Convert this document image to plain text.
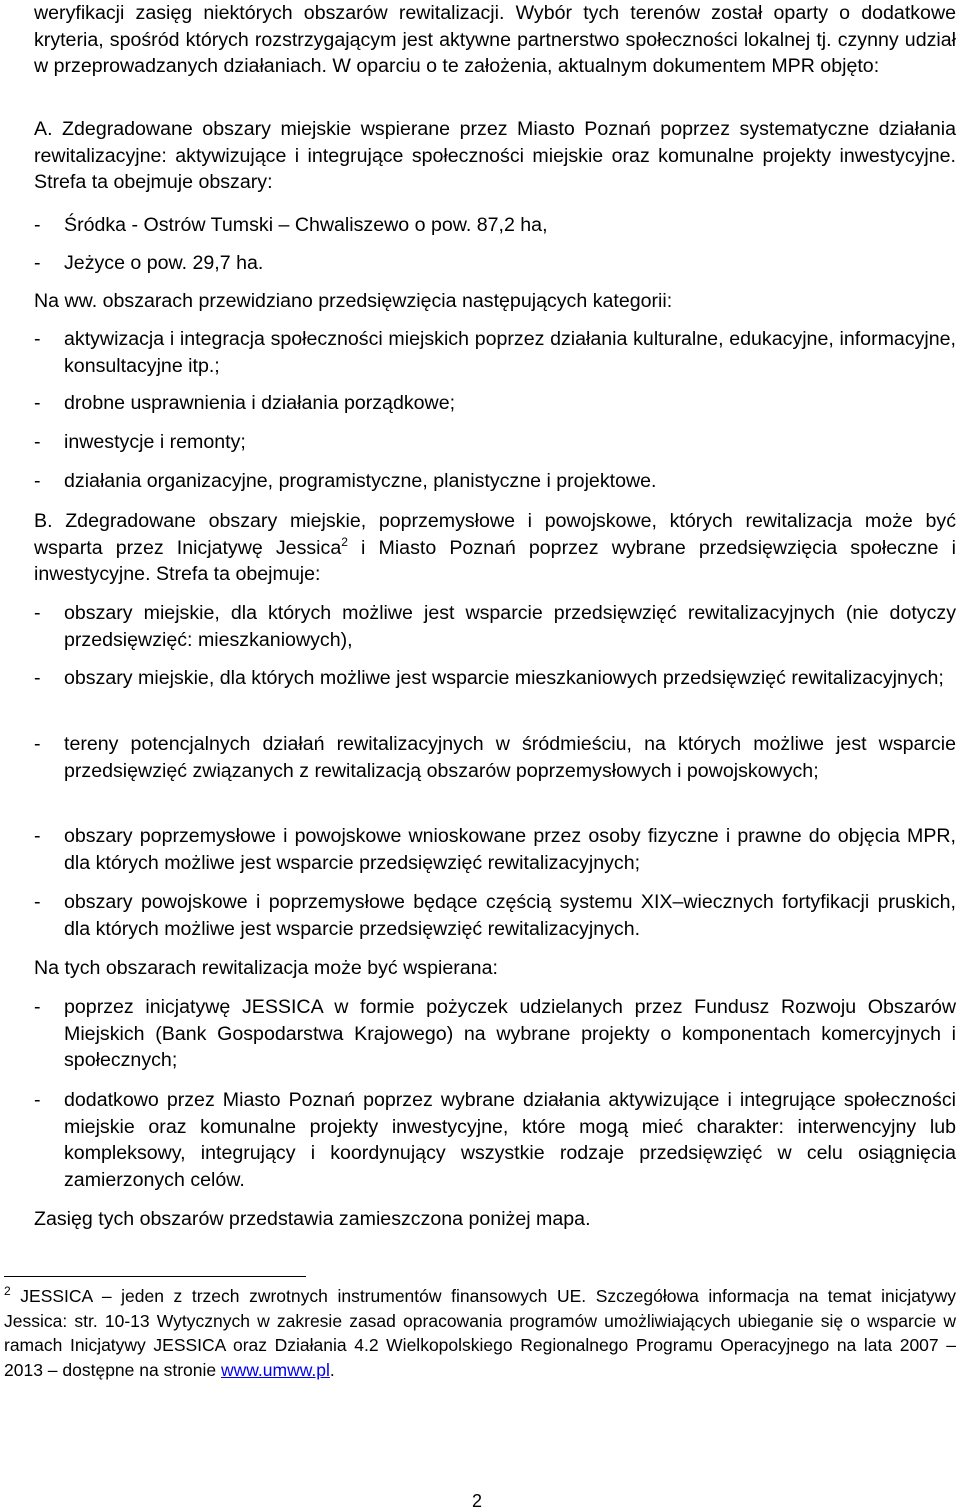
weryfikacji zasięg niektórych obszarów rewitalizacji. Wybór tych terenów został oparty o dodatkowe kryteria, spośród których rozstrzygającym jest aktywne partnerstwo społeczności lokalnej tj. czynny udział w przeprowadzanych działaniach. W oparciu o te założenia, aktualnym dokumentem MPR objęto:
A. Zdegradowane obszary miejskie wspierane przez Miasto Poznań poprzez systematyczne działania rewitalizacyjne: aktywizujące i integrujące społeczności miejskie oraz komunalne projekty inwestycyjne. Strefa ta obejmuje obszary:
- Śródka - Ostrów Tumski – Chwaliszewo o pow. 87,2 ha,
- Jeżyce o pow. 29,7 ha.
Na ww. obszarach przewidziano przedsięwzięcia następujących kategorii:
- aktywizacja i integracja społeczności miejskich poprzez działania kulturalne, edukacyjne, informacyjne, konsultacyjne itp.;
- drobne usprawnienia i działania porządkowe;
- inwestycje i remonty;
- działania organizacyjne, programistyczne, planistyczne i projektowe.
B. Zdegradowane obszary miejskie, poprzemysłowe i powojskowe, których rewitalizacja może być wsparta przez Inicjatywę Jessica$^2$ i Miasto Poznań poprzez wybrane przedsięwzięcia społeczne i inwestycyjne. Strefa ta obejmuje:
- obszary miejskie, dla których możliwe jest wsparcie przedsięwzięć rewitalizacyjnych (nie dotyczy przedsięwzięć: mieszkaniowych),
- obszary miejskie, dla których możliwe jest wsparcie mieszkaniowych przedsięwzięć rewitalizacyjnych;
- tereny potencjalnych działań rewitalizacyjnych w śródmieściu, na których możliwe jest wsparcie przedsięwzięć związanych z rewitalizacją obszarów poprzemysłowych i powojskowych;
- obszary poprzemysłowe i powojskowe wnioskowane przez osoby fizyczne i prawne do objęcia MPR, dla których możliwe jest wsparcie przedsięwzięć rewitalizacyjnych;
- obszary powojskowe i poprzemysłowe będące częścią systemu XIX–wiecznych fortyfikacji pruskich, dla których możliwe jest wsparcie przedsięwzięć rewitalizacyjnych.
Na tych obszarach rewitalizacja może być wspierana:
- poprzez inicjatywę JESSICA w formie pożyczek udzielanych przez Fundusz Rozwoju Obszarów Miejskich (Bank Gospodarstwa Krajowego) na wybrane projekty o komponentach komercyjnych i społecznych;
- dodatkowo przez Miasto Poznań poprzez wybrane działania aktywizujące i integrujące społeczności miejskie oraz komunalne projekty inwestycyjne, które mogą mieć charakter: interwencyjny lub kompleksowy, integrujący i koordynujący wszystkie rodzaje przedsięwzięć w celu osiągnięcia zamierzonych celów.
Zasięg tych obszarów przedstawia zamieszczona poniżej mapa.
$^2$ JESSICA – jeden z trzech zwrotnych instrumentów finansowych UE. Szczegółowa informacja na temat inicjatywy Jessica: str. 10-13 Wytycznych w zakresie zasad opracowania programów umożliwiających ubieganie się o wsparcie w ramach Inicjatywy JESSICA oraz Działania 4.2 Wielkopolskiego Regionalnego Programu Operacyjnego na lata 2007 – 2013 – dostępne na stronie www.umww.pl.
2
